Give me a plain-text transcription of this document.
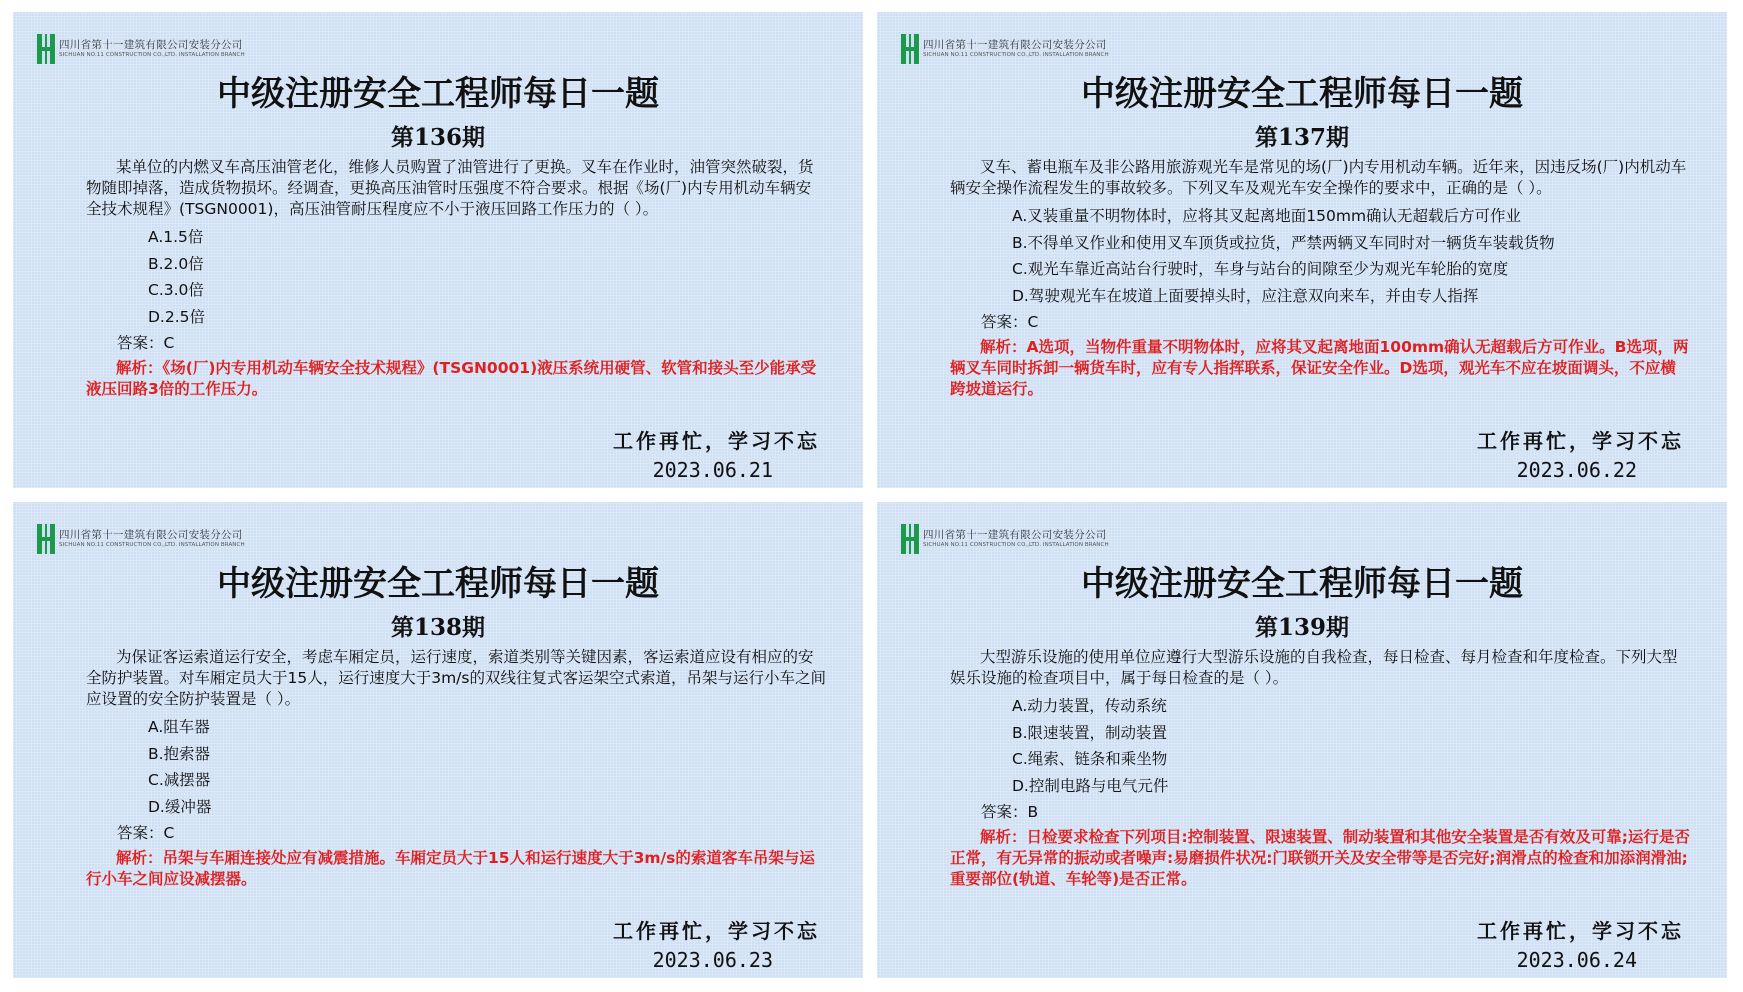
四川省第十一建筑有限公司安装分公司
SICHUAN NO.11 CONSTRUCTION CO.,LTD. INSTALLATION BRANCH
中级注册安全工程师每日一题
第136期

某单位的内燃叉车高压油管老化，维修人员购置了油管进行了更换。叉车在作业时，油管突然破裂，货物随即掉落，造成货物损坏。经调查，更换高压油管时压强度不符合要求。根据《场(厂)内专用机动车辆安全技术规程》(TSGN0001)，高压油管耐压程度应不小于液压回路工作压力的（ ）。

A.1.5倍
B.2.0倍
C.3.0倍
D.2.5倍

答案：C

解析：《场(厂)内专用机动车辆安全技术规程》(TSGN0001)液压系统用硬管、软管和接头至少能承受液压回路3倍的工作压力。

工作再忙，学习不忘
2023.06.21
四川省第十一建筑有限公司安装分公司
SICHUAN NO.11 CONSTRUCTION CO.,LTD. INSTALLATION BRANCH
中级注册安全工程师每日一题
第137期

叉车、蓄电瓶车及非公路用旅游观光车是常见的场(厂)内专用机动车辆。近年来，因违反场(厂)内机动车辆安全操作流程发生的事故较多。下列叉车及观光车安全操作的要求中，正确的是（ ）。

A.叉装重量不明物体时，应将其叉起离地面150mm确认无超载后方可作业
B.不得单叉作业和使用叉车顶货或拉货，严禁两辆叉车同时对一辆货车装载货物
C.观光车靠近高站台行驶时，车身与站台的间隙至少为观光车轮胎的宽度
D.驾驶观光车在坡道上面要掉头时，应注意双向来车，并由专人指挥

答案：C

解析：A选项，当物件重量不明物体时，应将其叉起离地面100mm确认无超载后方可作业。B选项，两辆叉车同时拆卸一辆货车时，应有专人指挥联系，保证安全作业。D选项，观光车不应在坡面调头，不应横跨坡道运行。

工作再忙，学习不忘
2023.06.22
四川省第十一建筑有限公司安装分公司
SICHUAN NO.11 CONSTRUCTION CO.,LTD. INSTALLATION BRANCH
中级注册安全工程师每日一题
第138期

为保证客运索道运行安全，考虑车厢定员，运行速度，索道类别等关键因素，客运索道应设有相应的安全防护装置。对车厢定员大于15人，运行速度大于3m/s的双线往复式客运架空式索道，吊架与运行小车之间应设置的安全防护装置是（ ）。

A.阻车器
B.抱索器
C.减摆器
D.缓冲器

答案：C

解析：吊架与车厢连接处应有减震措施。车厢定员大于15人和运行速度大于3m/s的索道客车吊架与运行小车之间应设减摆器。

工作再忙，学习不忘
2023.06.23
四川省第十一建筑有限公司安装分公司
SICHUAN NO.11 CONSTRUCTION CO.,LTD. INSTALLATION BRANCH
中级注册安全工程师每日一题
第139期

大型游乐设施的使用单位应遵行大型游乐设施的自我检查，每日检查、每月检查和年度检查。下列大型娱乐设施的检查项目中，属于每日检查的是（ ）。

A.动力装置，传动系统
B.限速装置，制动装置
C.绳索、链条和乘坐物
D.控制电路与电气元件

答案：B

解析：日检要求检查下列项目:控制装置、限速装置、制动装置和其他安全装置是否有效及可靠;运行是否正常，有无异常的振动或者噪声:易磨损件状况:门联锁开关及安全带等是否完好;润滑点的检查和加添润滑油;重要部位(轨道、车轮等)是否正常。

工作再忙，学习不忘
2023.06.24
